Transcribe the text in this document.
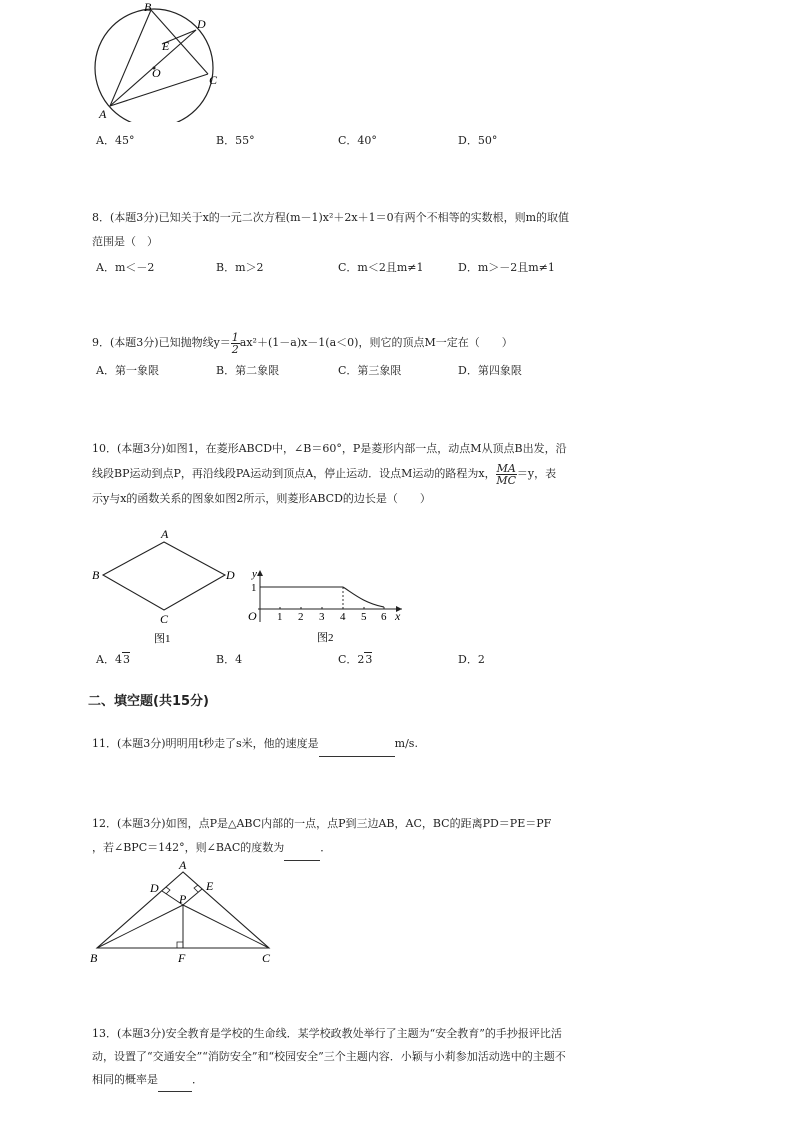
B
D
E
O	C
A
A．45°	B．55°	C．40°	D．50°
8．(本题3分)已知关于x的一元二次方程(m－1)x²＋2x＋1＝0有两个不相等的实数根，则m的取值
范围是（　）
A．m＜－2	B．m＞2	C．m＜2且m≠1	D．m＞－2且m≠1
9．(本题3分)已知抛物线$y= \frac{1}{2} ax^2+(1-a)x-1(a<0)$，则它的顶点M一定在（　　）
A．第一象限	B．第二象限	C．第三象限	D．第四象限
10．(本题3分)如图1，在菱形ABCD中，∠B＝60°，P是菱形内部一点，动点M从顶点B出发，沿
线段BP运动到点P，再沿线段PA运动到顶点A，停止运动．设点M运动的路程为x， $\frac{MA}{MC} =y$，表
示y与x的函数关系的图象如图2所示，则菱形ABCD的边长是（　　）
A
B	D
C
图1
y
1
O 1 2 3 4 5 6 x
图2
A．43	B．4	C．23	D．2
二、填空题(共15分)
11．(本题3分)明明用t秒走了s米，他的速度是	m/s.
12．(本题3分)如图，点P是△ABC内部的一点，点P到三边AB，AC，BC的距离PD＝PE＝PF
，若∠BPC＝142°，则∠BAC的度数为	．
A
D	E
P
B	F	C
13．(本题3分)安全教育是学校的生命线．某学校政教处举行了主题为“安全教育”的手抄报评比活
动，设置了“交通安全”“消防安全”和“校园安全”三个主题内容．小颖与小莉参加活动选中的主题不
相同的概率是	．
